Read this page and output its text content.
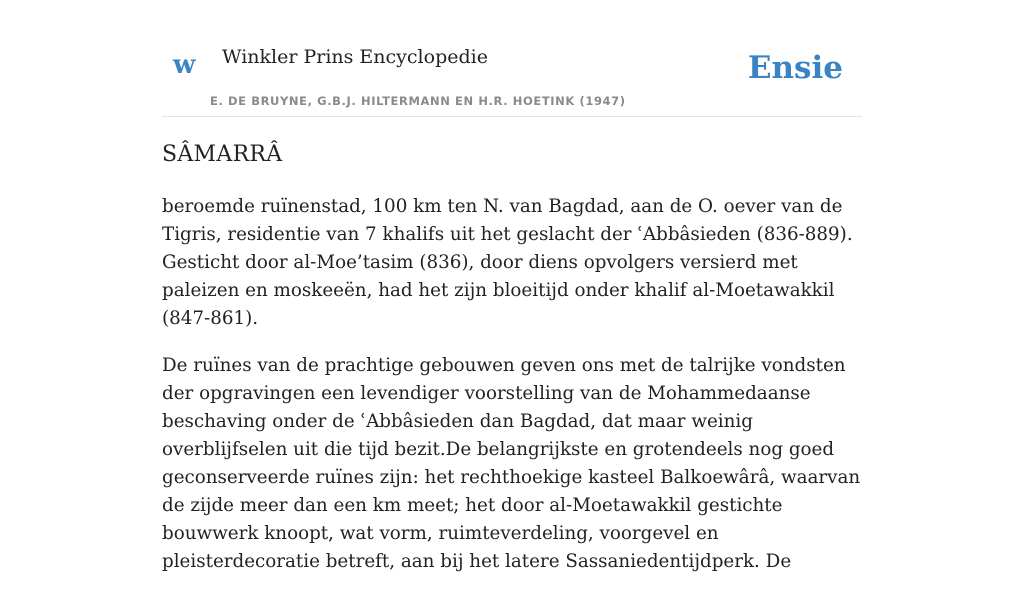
w Winkler Prins Encyclopedie
E. DE BRUYNE, G.B.J. HILTERMANN EN H.R. HOETINK (1947)
Ensie
SÂMARRÂ

beroemde ruïnenstad, 100 km ten N. van Bagdad, aan de O. oever van de Tigris, residentie van 7 khalifs uit het geslacht der ʿAbbâsieden (836-889). Gesticht door al-Moe’tasim (836), door diens opvolgers versierd met paleizen en moskeeën, had het zijn bloeitijd onder khalif al-Moetawakkil (847-861).

De ruïnes van de prachtige gebouwen geven ons met de talrijke vondsten der opgravingen een levendiger voorstelling van de Mohammedaanse beschaving onder de ʿAbbâsieden dan Bagdad, dat maar weinig overblijfselen uit die tijd bezit.De belangrijkste en grotendeels nog goed geconserveerde ruïnes zijn: het rechthoekige kasteel Balkoewârâ, waarvan de zijde meer dan een km meet; het door al-Moetawakkil gestichte bouwwerk knoopt, wat vorm, ruimteverdeling, voorgevel en pleisterdecoratie betreft, aan bij het latere Sassaniedentijdperk. De
